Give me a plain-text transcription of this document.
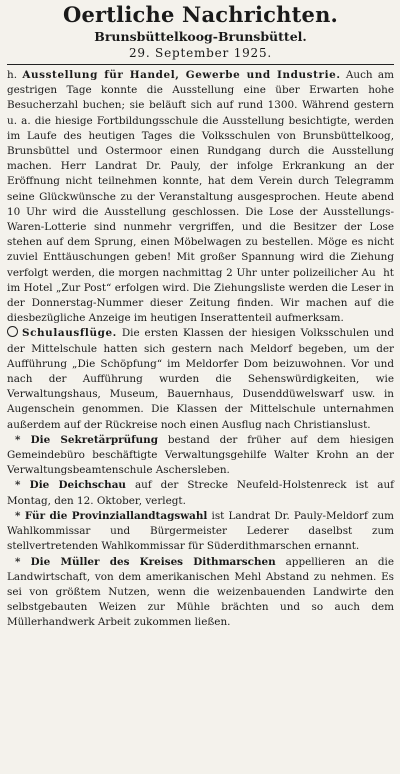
Oertliche Nachrichten.
Brunsbüttelkoog-Brunsbüttel.
29. September 1925.

h. Ausstellung für Handel, Gewerbe und Industrie. Auch am gestrigen Tage konnte die Ausstellung eine über Erwarten hohe Besucherzahl buchen; sie beläuft sich auf rund 1300. Während gestern u. a. die hiesige Fortbildungsschule die Ausstellung besichtigte, werden im Laufe des heutigen Tages die Volksschulen von Brunsbüttelkoog, Brunsbüttel und Ostermoor einen Rundgang durch die Ausstellung machen. Herr Landrat Dr. Pauly, der infolge Erkrankung an der Eröffnung nicht teilnehmen konnte, hat dem Verein durch Telegramm seine Glückwünsche zu der Veranstaltung ausgesprochen. Heute abend 10 Uhr wird die Ausstellung geschlossen. Die Lose der Ausstellungs-Waren-Lotterie sind nunmehr vergriffen, und die Besitzer der Lose stehen auf dem Sprung, einen Möbelwagen zu bestellen. Möge es nicht zuviel Enttäuschungen geben! Mit großer Spannung wird die Ziehung verfolgt werden, die morgen nachmittag 2 Uhr unter polizeilicher Au ​ ht im Hotel „Zur Post“ erfolgen wird. Die Ziehungsliste werden die Leser in der Donnerstag-Nummer dieser Zeitung finden. Wir machen auf die diesbezügliche Anzeige im heutigen Inserattenteil aufmerksam.

Schulausflüge. Die ersten Klassen der hiesigen Volksschulen und der Mittelschule hatten sich gestern nach Meldorf begeben, um der Aufführung „Die Schöpfung“ im Meldorfer Dom beizuwohnen. Vor und nach der Aufführung wurden die Sehenswürdigkeiten, wie Verwaltungshaus, Museum, Bauernhaus, Dusenddüwelswarf usw. in Augenschein genommen. Die Klassen der Mittelschule unternahmen außerdem auf der Rückreise noch einen Ausflug nach Christianslust.

* Die Sekretärprüfung bestand der früher auf dem hiesigen Gemeindebüro beschäftigte Verwaltungsgehilfe Walter Krohn an der Verwaltungsbeamtenschule Aschersleben.

* Die Deichschau auf der Strecke Neufeld-Holstenreck ist auf Montag, den 12. Oktober, verlegt.

* Für die Provinziallandtagswahl ist Landrat Dr. Pauly-Meldorf zum Wahlkommissar und Bürgermeister Lederer daselbst zum stellvertretenden Wahlkommissar für Süderdithmarschen ernannt.

* Die Müller des Kreises Dithmarschen appellieren an die Landwirtschaft, von dem amerikanischen Mehl Abstand zu nehmen. Es sei von größtem Nutzen, wenn die weizenbauenden Landwirte den selbstgebauten Weizen zur Mühle brächten und so auch dem Müllerhandwerk Arbeit zukommen ließen.
